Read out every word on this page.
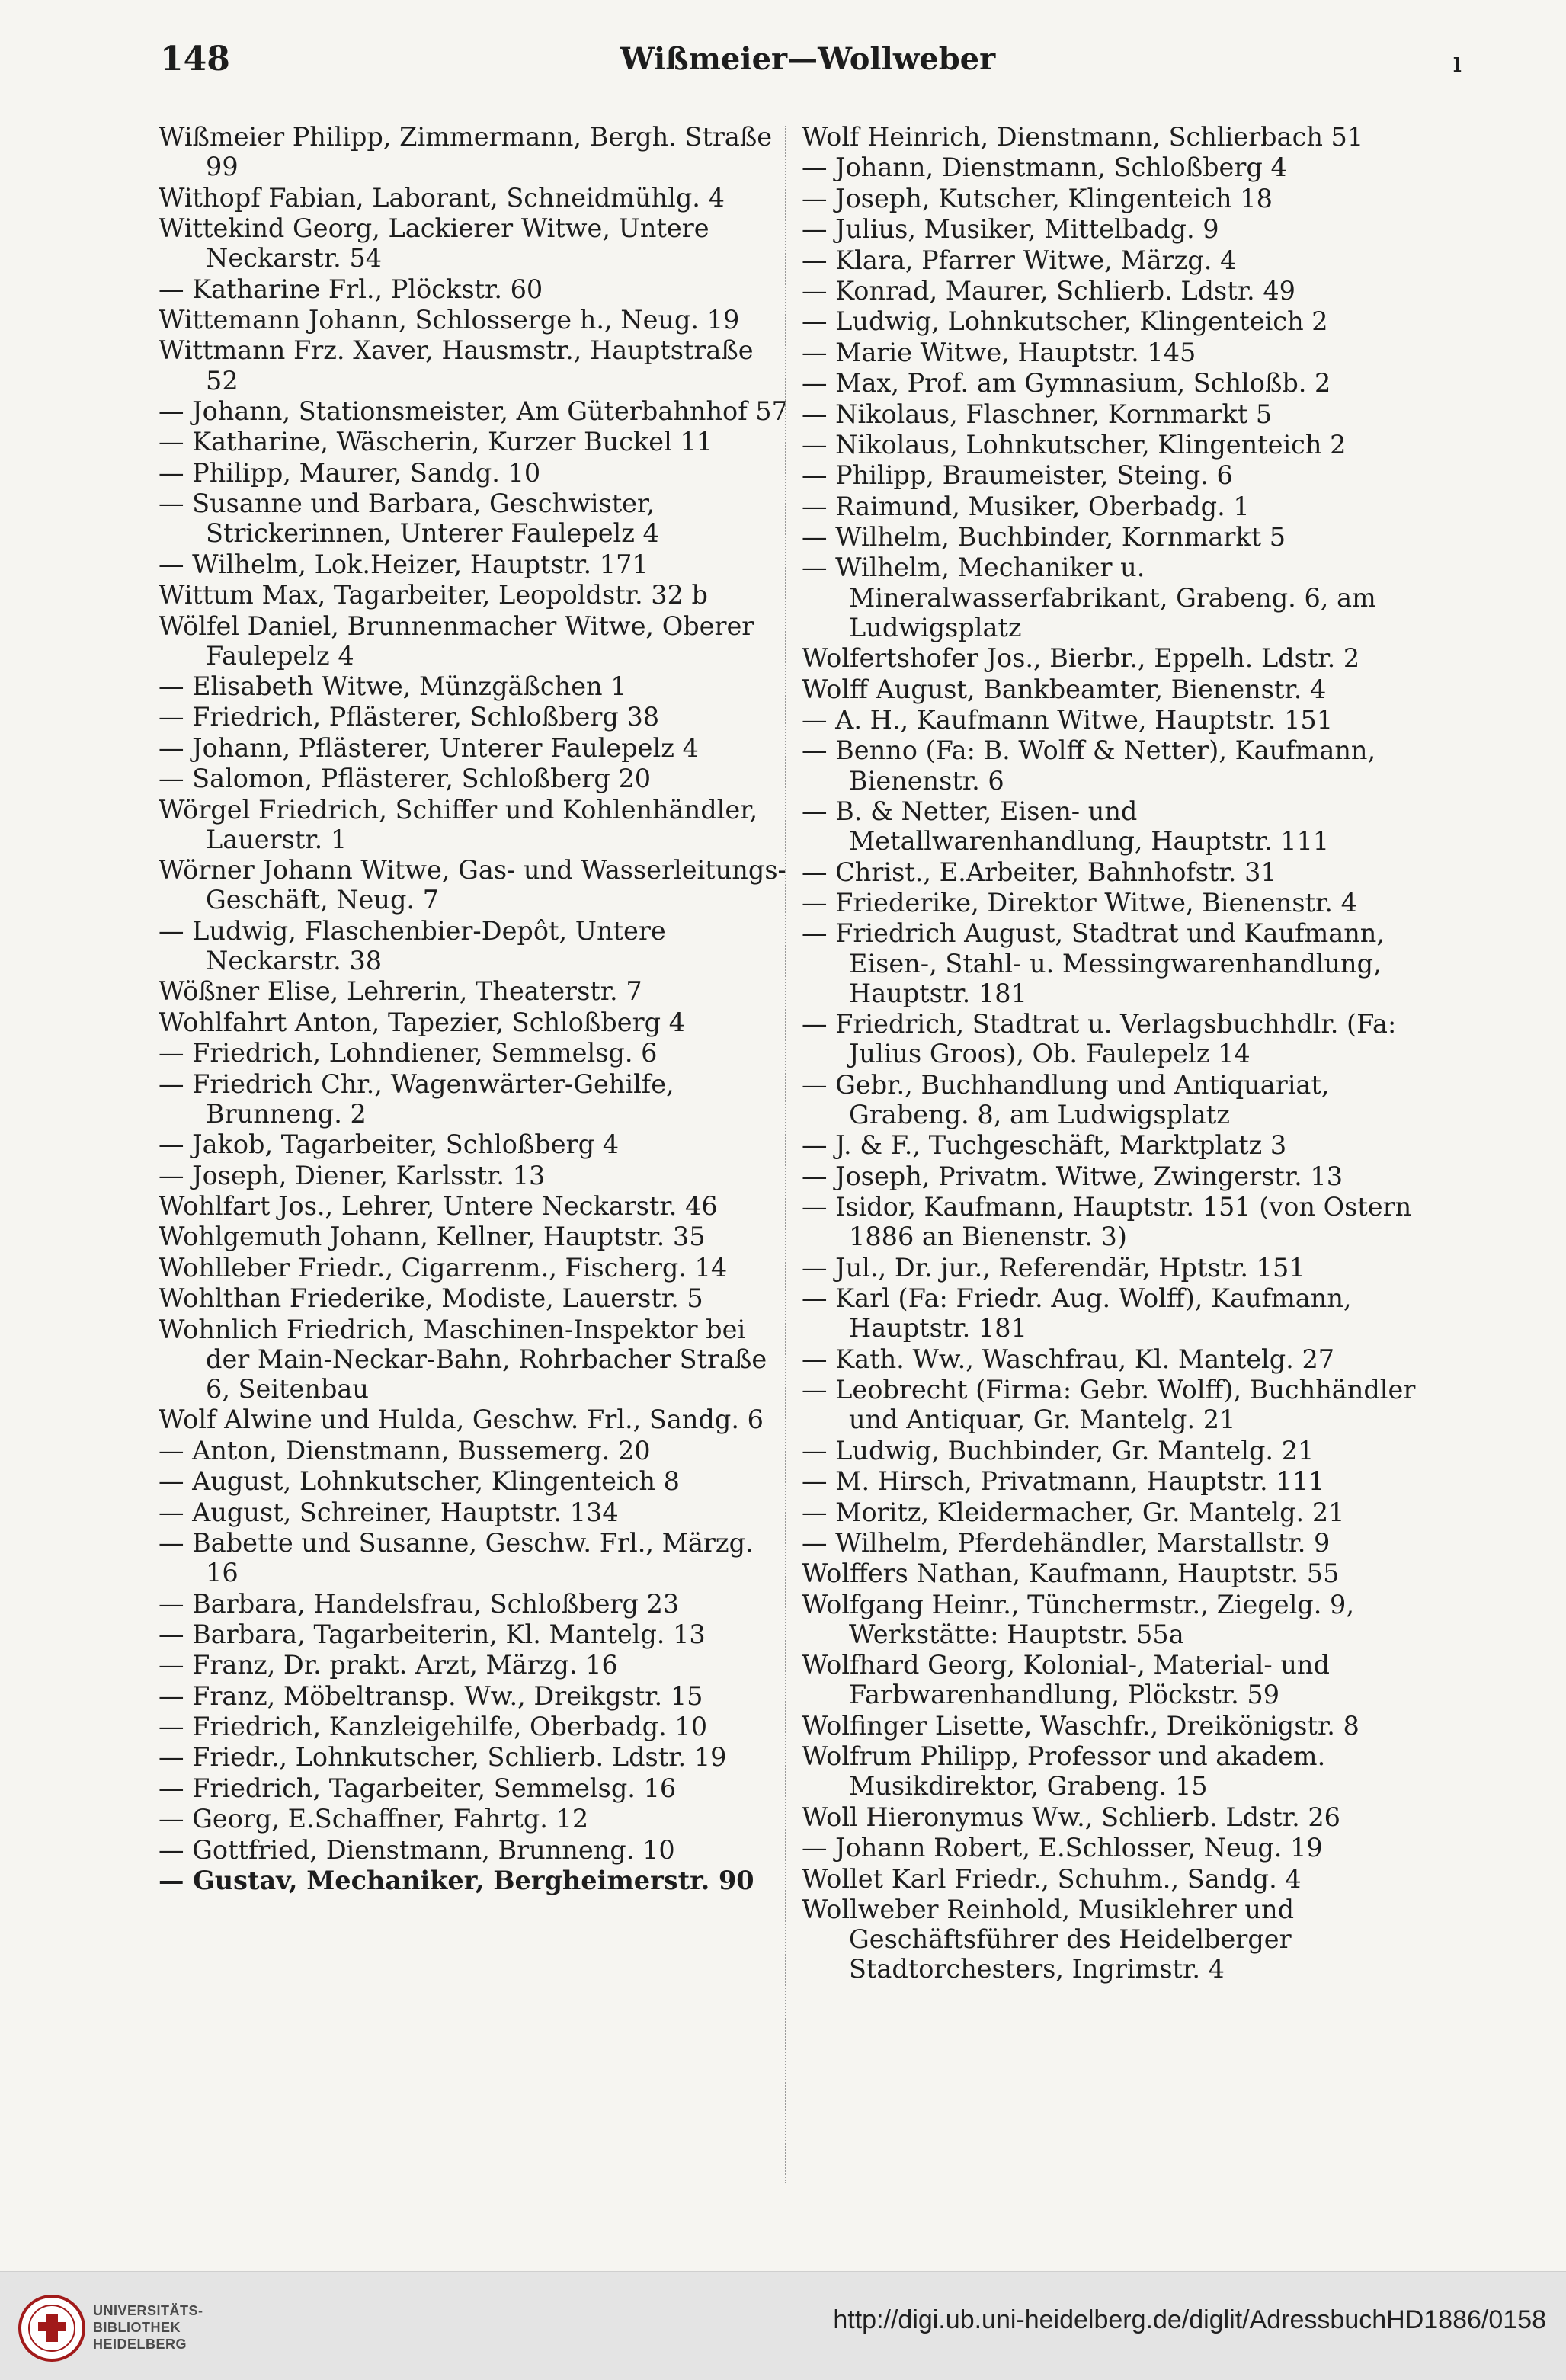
148	Wißmeier—Wollweber	ı
Wißmeier Philipp, Zimmermann, Bergh. Straße 99
Withopf Fabian, Laborant, Schneidmühlg. 4
Wittekind Georg, Lackierer Witwe, Untere Neckarstr. 54
— Katharine Frl., Plöckstr. 60
Wittemann Johann, Schlosserge h., Neug. 19
Wittmann Frz. Xaver, Hausmstr., Hauptstraße 52
— Johann, Stationsmeister, Am Güterbahnhof 57
— Katharine, Wäscherin, Kurzer Buckel 11
— Philipp, Maurer, Sandg. 10
— Susanne und Barbara, Geschwister, Strickerinnen, Unterer Faulepelz 4
— Wilhelm, Lok.Heizer, Hauptstr. 171
Wittum Max, Tagarbeiter, Leopoldstr. 32 b
Wölfel Daniel, Brunnenmacher Witwe, Oberer Faulepelz 4
— Elisabeth Witwe, Münzgäßchen 1
— Friedrich, Pflästerer, Schloßberg 38
— Johann, Pflästerer, Unterer Faulepelz 4
— Salomon, Pflästerer, Schloßberg 20
Wörgel Friedrich, Schiffer und Kohlenhändler, Lauerstr. 1
Wörner Johann Witwe, Gas- und Wasserleitungs-Geschäft, Neug. 7
— Ludwig, Flaschenbier-Depôt, Untere Neckarstr. 38
Wößner Elise, Lehrerin, Theaterstr. 7
Wohlfahrt Anton, Tapezier, Schloßberg 4
— Friedrich, Lohndiener, Semmelsg. 6
— Friedrich Chr., Wagenwärter-Gehilfe, Brunneng. 2
— Jakob, Tagarbeiter, Schloßberg 4
— Joseph, Diener, Karlsstr. 13
Wohlfart Jos., Lehrer, Untere Neckarstr. 46
Wohlgemuth Johann, Kellner, Hauptstr. 35
Wohlleber Friedr., Cigarrenm., Fischerg. 14
Wohlthan Friederike, Modiste, Lauerstr. 5
Wohnlich Friedrich, Maschinen-Inspektor bei der Main-Neckar-Bahn, Rohrbacher Straße 6, Seitenbau
Wolf Alwine und Hulda, Geschw. Frl., Sandg. 6
— Anton, Dienstmann, Bussemerg. 20
— August, Lohnkutscher, Klingenteich 8
— August, Schreiner, Hauptstr. 134
— Babette und Susanne, Geschw. Frl., Märzg. 16
— Barbara, Handelsfrau, Schloßberg 23
— Barbara, Tagarbeiterin, Kl. Mantelg. 13
— Franz, Dr. prakt. Arzt, Märzg. 16
— Franz, Möbeltransp. Ww., Dreikgstr. 15
— Friedrich, Kanzleigehilfe, Oberbadg. 10
— Friedr., Lohnkutscher, Schlierb. Ldstr. 19
— Friedrich, Tagarbeiter, Semmelsg. 16
— Georg, E.Schaffner, Fahrtg. 12
— Gottfried, Dienstmann, Brunneng. 10
— Gustav, Mechaniker, Bergheimerstr. 90
Wolf Heinrich, Dienstmann, Schlierbach 51
— Johann, Dienstmann, Schloßberg 4
— Joseph, Kutscher, Klingenteich 18
— Julius, Musiker, Mittelbadg. 9
— Klara, Pfarrer Witwe, Märzg. 4
— Konrad, Maurer, Schlierb. Ldstr. 49
— Ludwig, Lohnkutscher, Klingenteich 2
— Marie Witwe, Hauptstr. 145
— Max, Prof. am Gymnasium, Schloßb. 2
— Nikolaus, Flaschner, Kornmarkt 5
— Nikolaus, Lohnkutscher, Klingenteich 2
— Philipp, Braumeister, Steing. 6
— Raimund, Musiker, Oberbadg. 1
— Wilhelm, Buchbinder, Kornmarkt 5
— Wilhelm, Mechaniker u. Mineralwasserfabrikant, Grabeng. 6, am Ludwigsplatz
Wolfertshofer Jos., Bierbr., Eppelh. Ldstr. 2
Wolff August, Bankbeamter, Bienenstr. 4
— A. H., Kaufmann Witwe, Hauptstr. 151
— Benno (Fa: B. Wolff & Netter), Kaufmann, Bienenstr. 6
— B. & Netter, Eisen- und Metallwarenhandlung, Hauptstr. 111
— Christ., E.Arbeiter, Bahnhofstr. 31
— Friederike, Direktor Witwe, Bienenstr. 4
— Friedrich August, Stadtrat und Kaufmann, Eisen-, Stahl- u. Messingwarenhandlung, Hauptstr. 181
— Friedrich, Stadtrat u. Verlagsbuchhdlr. (Fa: Julius Groos), Ob. Faulepelz 14
— Gebr., Buchhandlung und Antiquariat, Grabeng. 8, am Ludwigsplatz
— J. & F., Tuchgeschäft, Marktplatz 3
— Joseph, Privatm. Witwe, Zwingerstr. 13
— Isidor, Kaufmann, Hauptstr. 151 (von Ostern 1886 an Bienenstr. 3)
— Jul., Dr. jur., Referendär, Hptstr. 151
— Karl (Fa: Friedr. Aug. Wolff), Kaufmann, Hauptstr. 181
— Kath. Ww., Waschfrau, Kl. Mantelg. 27
— Leobrecht (Firma: Gebr. Wolff), Buchhändler und Antiquar, Gr. Mantelg. 21
— Ludwig, Buchbinder, Gr. Mantelg. 21
— M. Hirsch, Privatmann, Hauptstr. 111
— Moritz, Kleidermacher, Gr. Mantelg. 21
— Wilhelm, Pferdehändler, Marstallstr. 9
Wolffers Nathan, Kaufmann, Hauptstr. 55
Wolfgang Heinr., Tünchermstr., Ziegelg. 9, Werkstätte: Hauptstr. 55a
Wolfhard Georg, Kolonial-, Material- und Farbwarenhandlung, Plöckstr. 59
Wolfinger Lisette, Waschfr., Dreikönigstr. 8
Wolfrum Philipp, Professor und akadem. Musikdirektor, Grabeng. 15
Woll Hieronymus Ww., Schlierb. Ldstr. 26
— Johann Robert, E.Schlosser, Neug. 19
Wollet Karl Friedr., Schuhm., Sandg. 4
Wollweber Reinhold, Musiklehrer und Geschäftsführer des Heidelberger Stadtorchesters, Ingrimstr. 4
UNIVERSITÄTS-
BIBLIOTHEK
HEIDELBERG
http://digi.ub.uni-heidelberg.de/diglit/AdressbuchHD1886/0158
